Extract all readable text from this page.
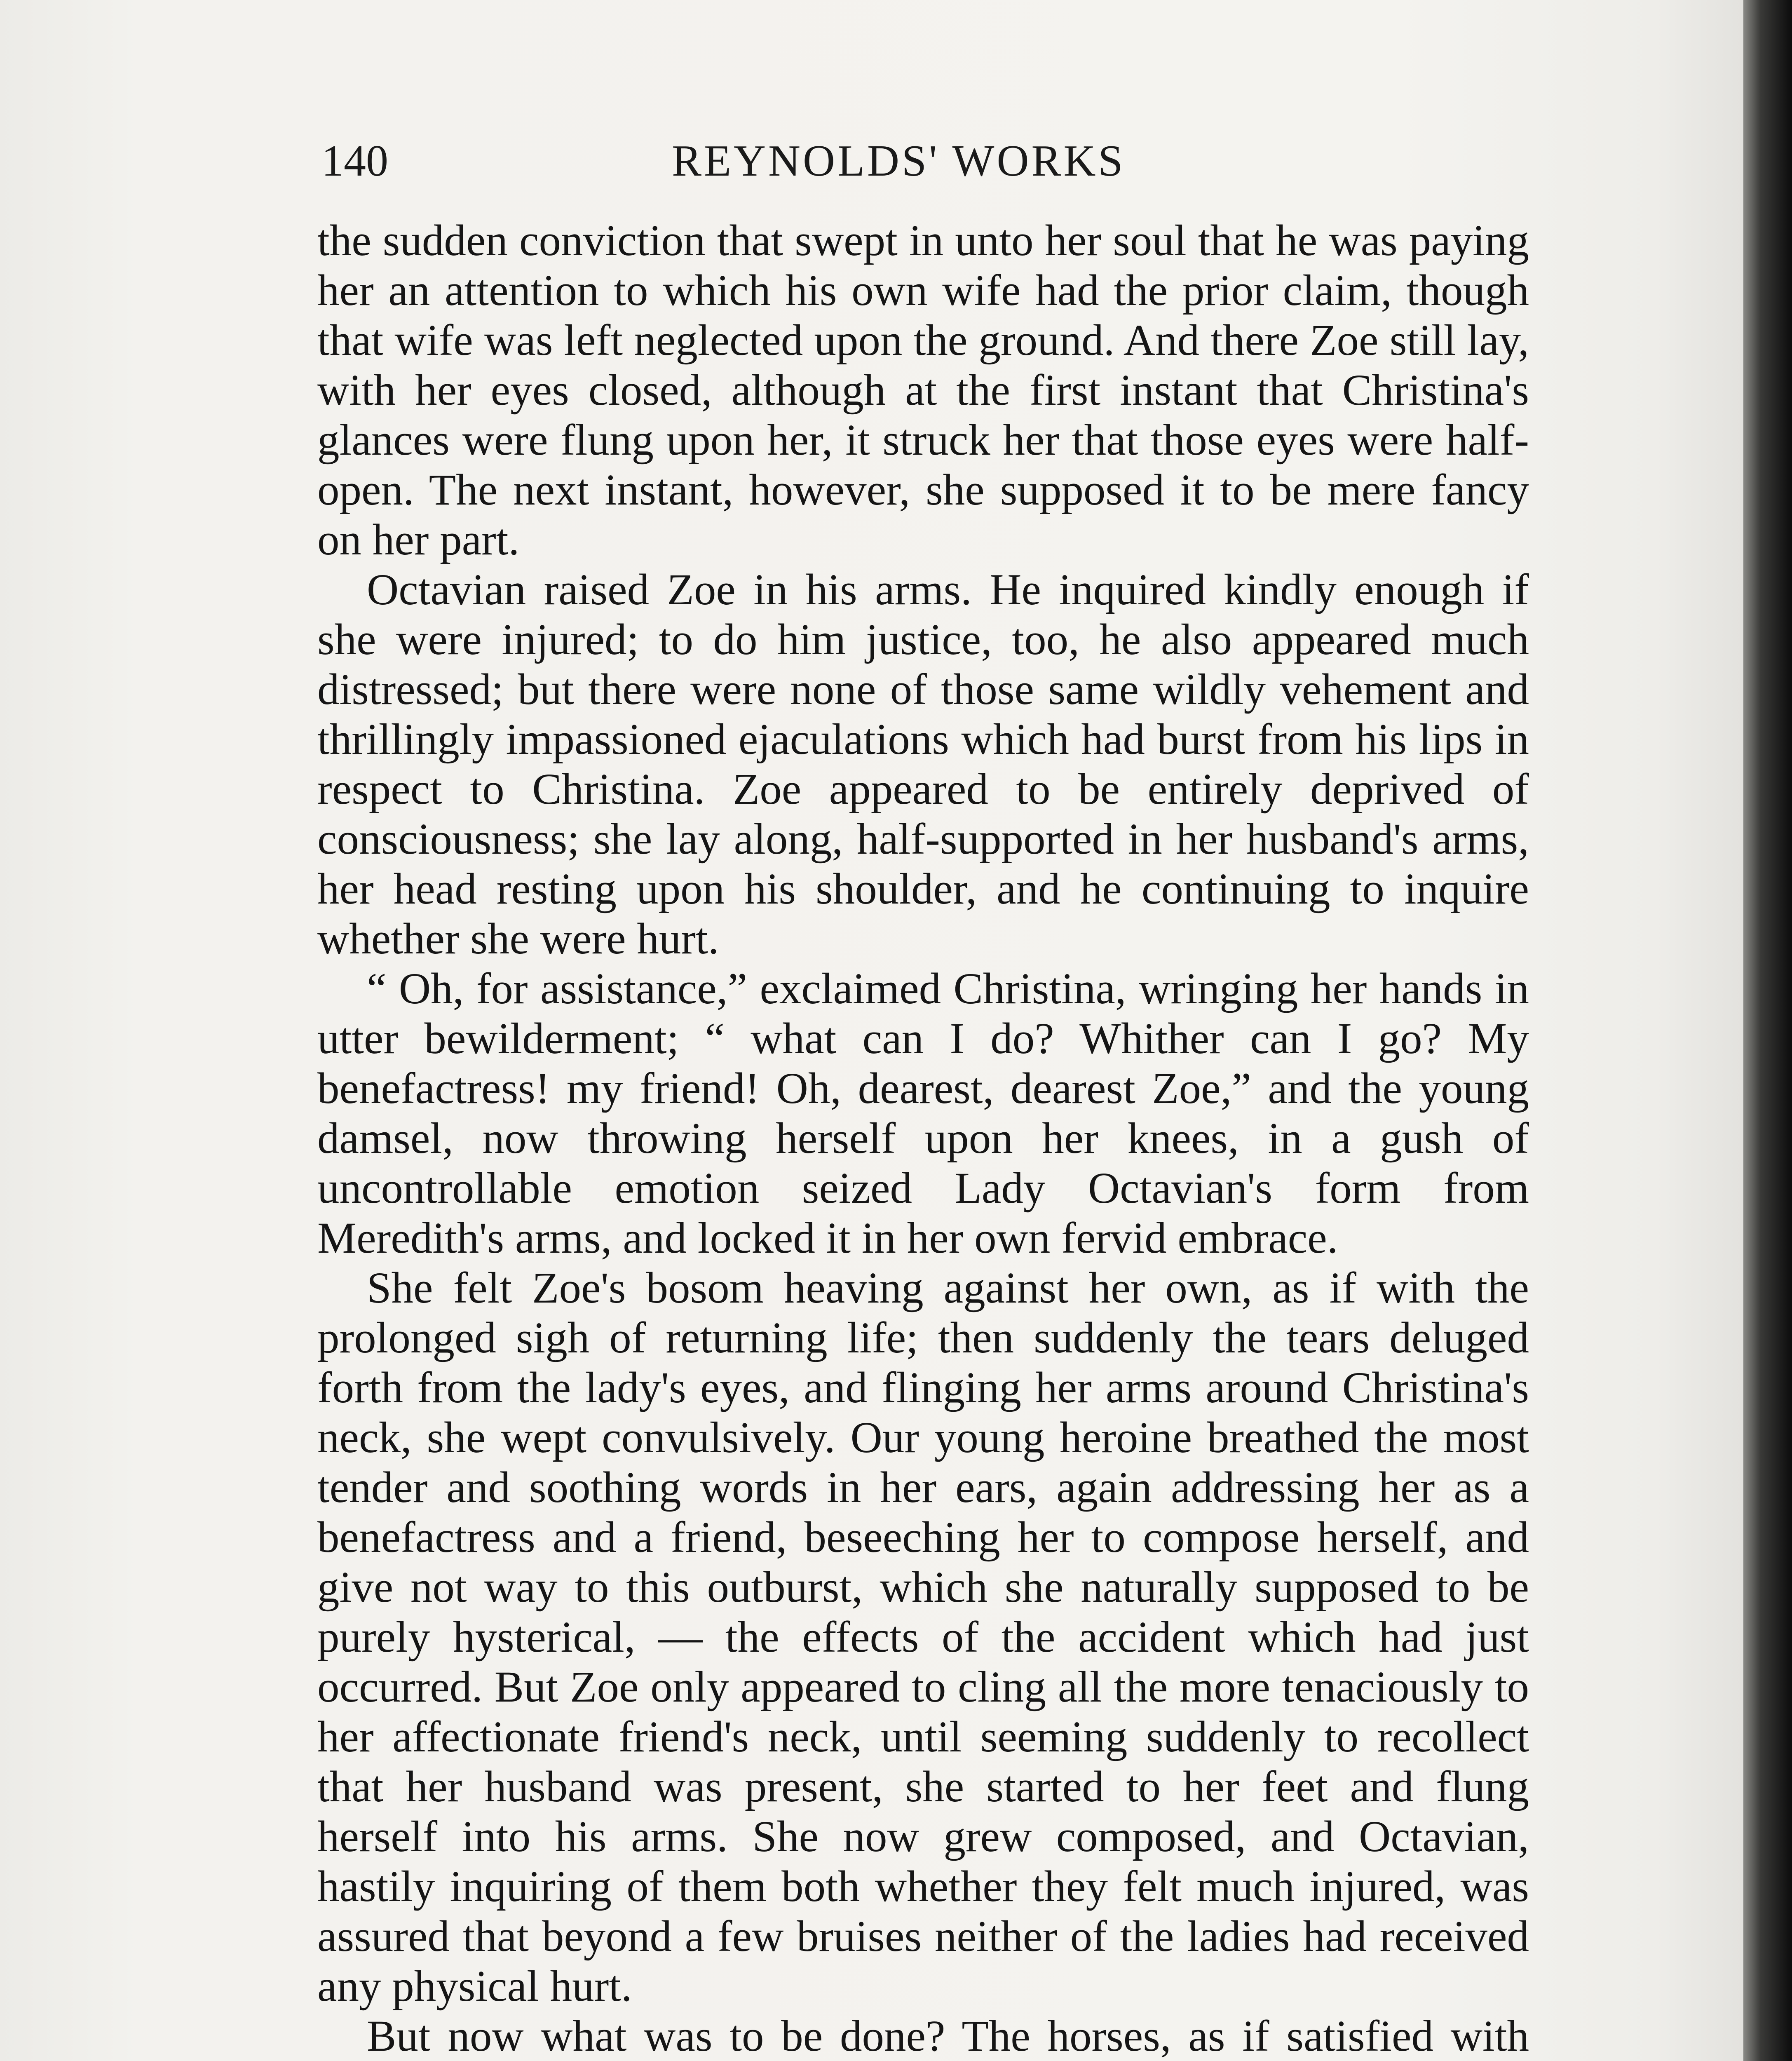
140	REYNOLDS' WORKS

the sudden conviction that swept in unto her soul that he was paying her an attention to which his own wife had the prior claim, though that wife was left neglected upon the ground. And there Zoe still lay, with her eyes closed, although at the first instant that Christina's glances were flung upon her, it struck her that those eyes were half-open. The next instant, however, she supposed it to be mere fancy on her part.

Octavian raised Zoe in his arms. He inquired kindly enough if she were injured; to do him justice, too, he also appeared much distressed; but there were none of those same wildly vehement and thrillingly impassioned ejaculations which had burst from his lips in respect to Christina. Zoe appeared to be entirely deprived of consciousness; she lay along, half-supported in her husband's arms, her head resting upon his shoulder, and he continuing to inquire whether she were hurt.

“ Oh, for assistance,” exclaimed Christina, wringing her hands in utter bewilderment; “ what can I do? Whither can I go? My benefactress! my friend! Oh, dearest, dearest Zoe,” and the young damsel, now throwing herself upon her knees, in a gush of uncontrollable emotion seized Lady Octavian's form from Meredith's arms, and locked it in her own fervid embrace.

She felt Zoe's bosom heaving against her own, as if with the prolonged sigh of returning life; then suddenly the tears deluged forth from the lady's eyes, and flinging her arms around Christina's neck, she wept convulsively. Our young heroine breathed the most tender and soothing words in her ears, again addressing her as a benefactress and a friend, beseeching her to compose herself, and give not way to this outburst, which she naturally supposed to be purely hysterical, — the effects of the accident which had just occurred. But Zoe only appeared to cling all the more tenaciously to her affectionate friend's neck, until seeming suddenly to recollect that her husband was present, she started to her feet and flung herself into his arms. She now grew composed, and Octavian, hastily inquiring of them both whether they felt much injured, was assured that beyond a few bruises neither of the ladies had received any physical hurt.

But now what was to be done? The horses, as if satisfied with
